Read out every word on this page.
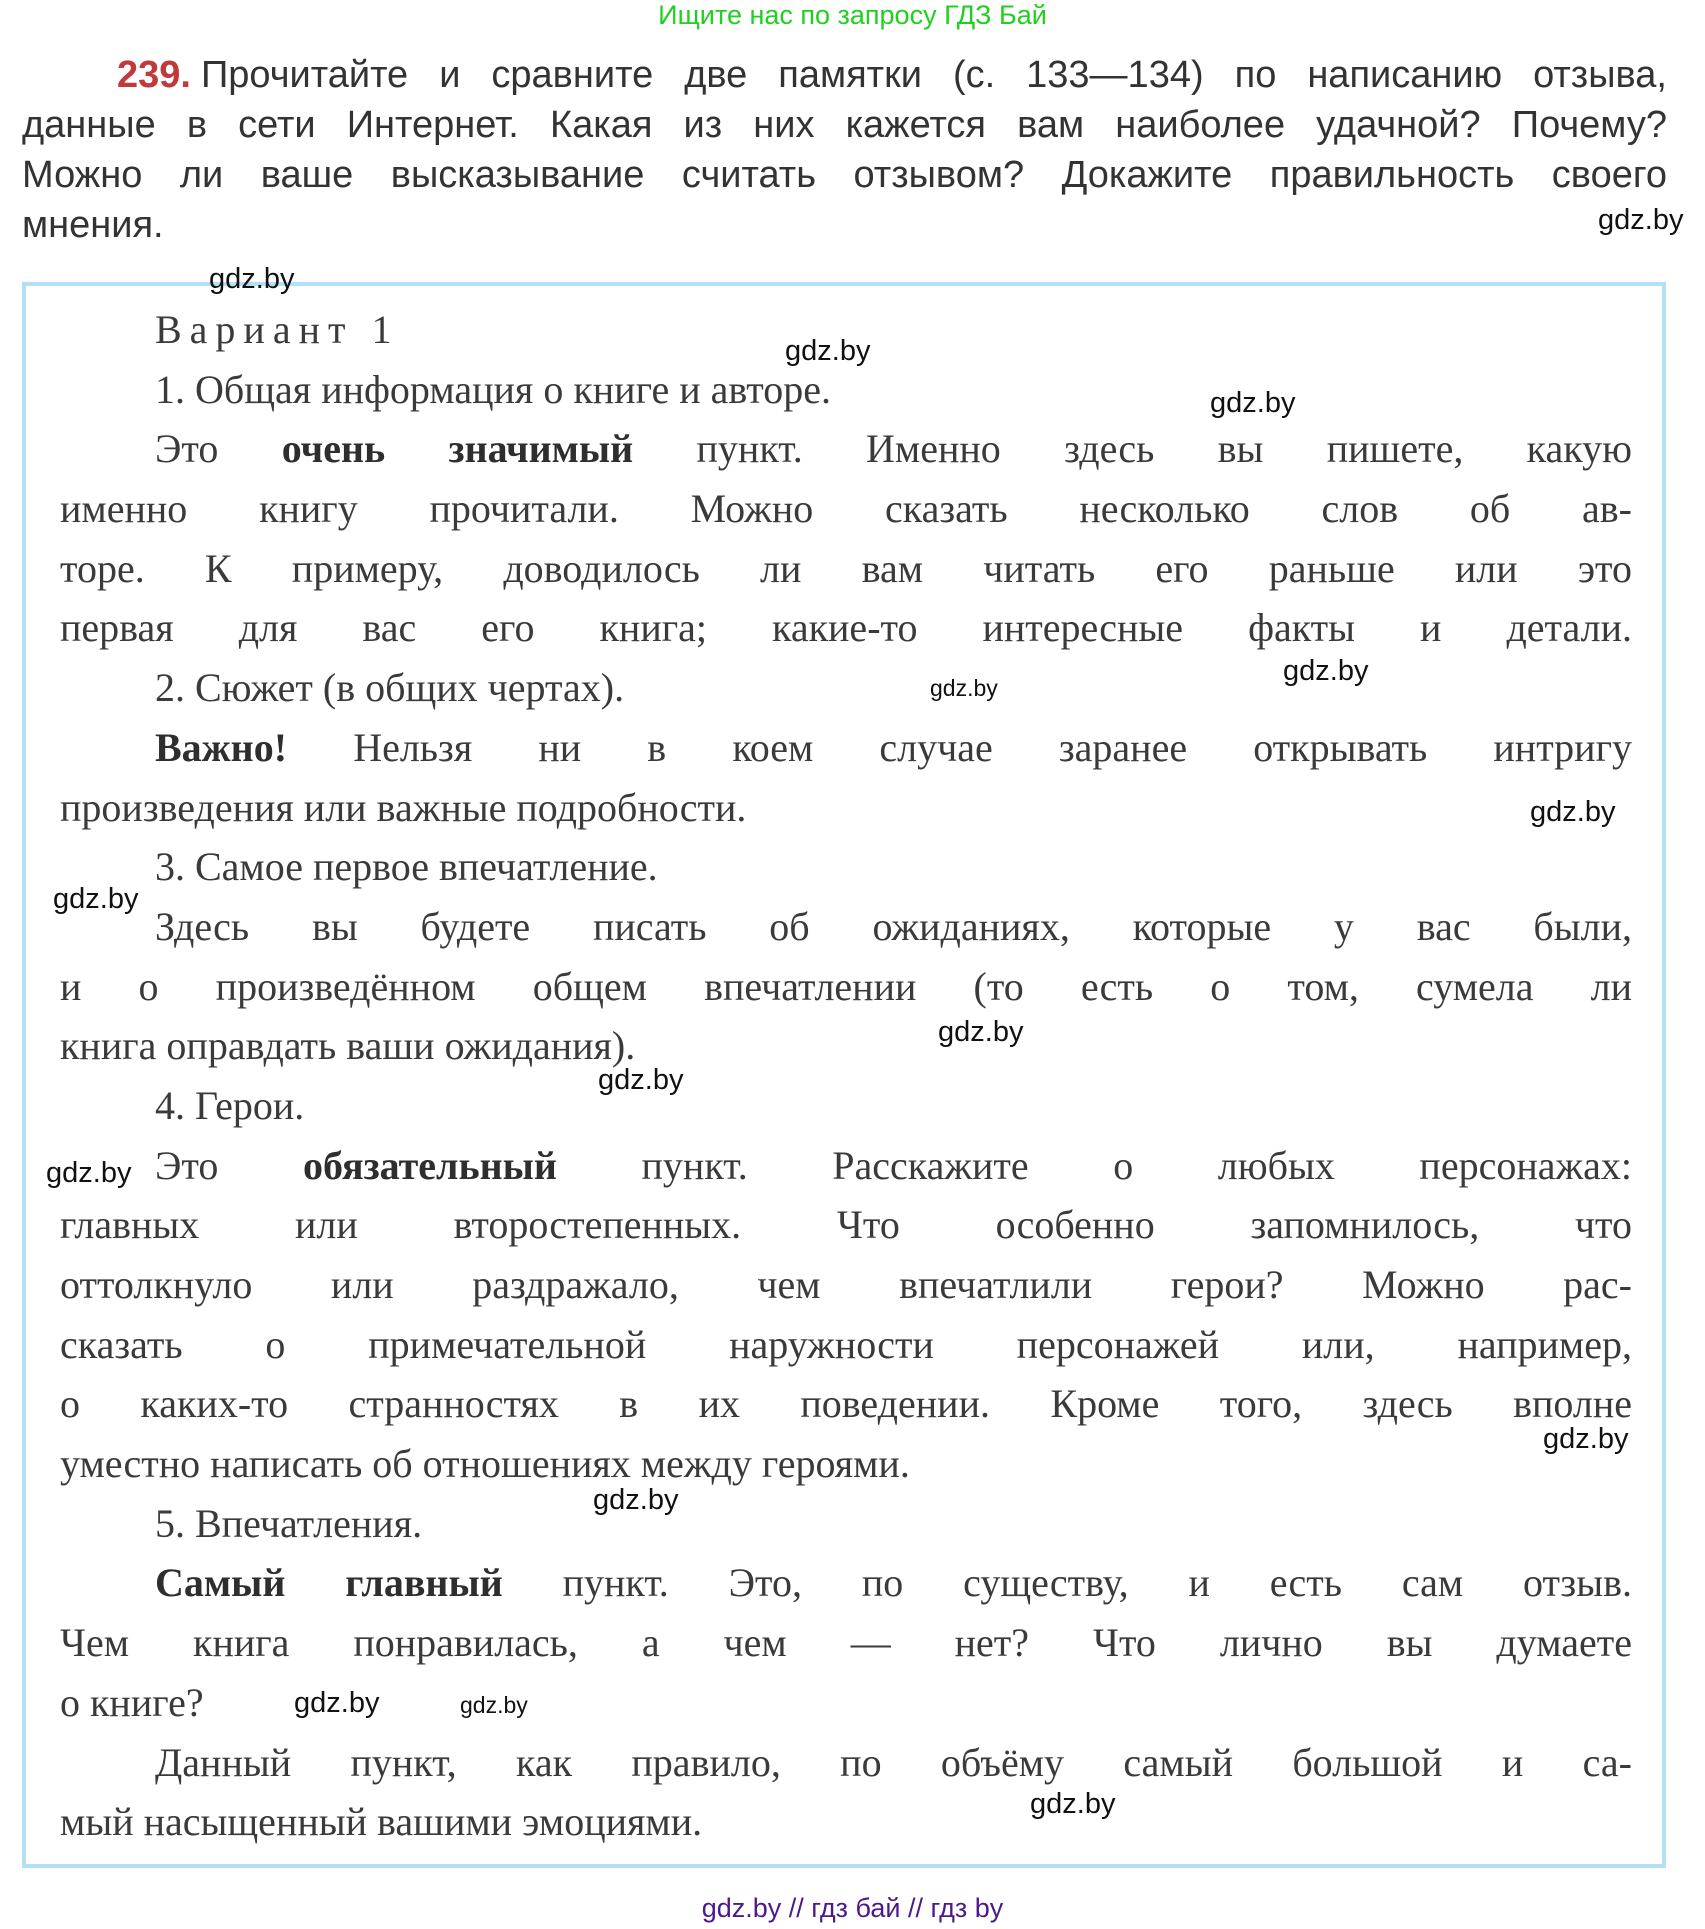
Ищите нас по запросу ГДЗ Бай
239. Прочитайте и сравните две памятки (с. 133—134) по написанию отзыва,
данные в сети Интернет. Какая из них кажется вам наиболее удачной? Почему?
Можно ли ваше высказывание считать отзывом? Докажите правильность своего
мнения.
Вариант 1
1. Общая информация о книге и авторе.
Это очень значимый пункт. Именно здесь вы пишете, какую
именно книгу прочитали. Можно сказать несколько слов об ав-
торе. К примеру, доводилось ли вам читать его раньше или это
первая для вас его книга; какие-то интересные факты и детали.
2. Сюжет (в общих чертах).
Важно! Нельзя ни в коем случае заранее открывать интригу
произведения или важные подробности.
3. Самое первое впечатление.
Здесь вы будете писать об ожиданиях, которые у вас были,
и о произведённом общем впечатлении (то есть о том, сумела ли
книга оправдать ваши ожидания).
4. Герои.
Это обязательный пункт. Расскажите о любых персонажах:
главных или второстепенных. Что особенно запомнилось, что
оттолкнуло или раздражало, чем впечатлили герои? Можно рас-
сказать о примечательной наружности персонажей или, например,
о каких-то странностях в их поведении. Кроме того, здесь вполне
уместно написать об отношениях между героями.
5. Впечатления.
Самый главный пункт. Это, по существу, и есть сам отзыв.
Чем книга понравилась, а чем — нет? Что лично вы думаете
о книге?
Данный пункт, как правило, по объёму самый большой и са-
мый насыщенный вашими эмоциями.
gdz.by
gdz.by
gdz.by
gdz.by
gdz.by
gdz.by
gdz.by
gdz.by
gdz.by
gdz.by
gdz.by
gdz.by
gdz.by
gdz.by
gdz.by
gdz.by
gdz.by // гдз бай // гдз by
